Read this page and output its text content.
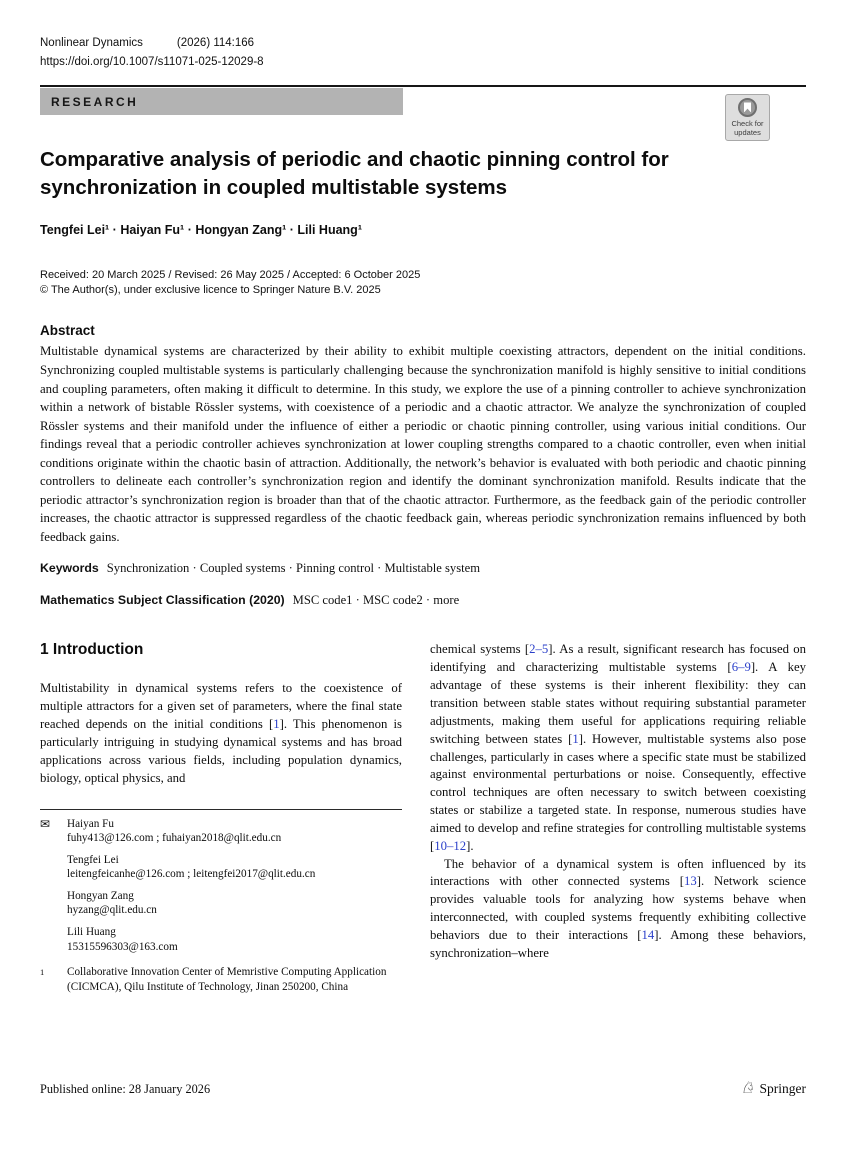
Nonlinear Dynamics	(2026) 114:166
https://doi.org/10.1007/s11071-025-12029-8
RESEARCH
Check for
updates
Comparative analysis of periodic and chaotic pinning control for synchronization in coupled multistable systems
Tengfei Lei¹ · Haiyan Fu¹ · Hongyan Zang¹ · Lili Huang¹
Received: 20 March 2025 / Revised: 26 May 2025 / Accepted: 6 October 2025
© The Author(s), under exclusive licence to Springer Nature B.V. 2025
Abstract

Multistable dynamical systems are characterized by their ability to exhibit multiple coexisting attractors, dependent on the initial conditions. Synchronizing coupled multistable systems is particularly challenging because the synchronization manifold is highly sensitive to initial conditions and coupling parameters, often making it difficult to determine. In this study, we explore the use of a pinning controller to achieve synchronization within a network of bistable Rössler systems, with coexistence of a periodic and a chaotic attractor. We analyze the synchronization of coupled Rössler systems and their manifold under the influence of either a periodic or chaotic pinning controller, using various initial conditions. Our findings reveal that a periodic controller achieves synchronization at lower coupling strengths compared to a chaotic controller, even when initial conditions originate within the chaotic basin of attraction. Additionally, the network’s behavior is evaluated with both periodic and chaotic pinning controllers to delineate each controller’s synchronization region and identify the dominant synchronization manifold. Results indicate that the periodic attractor’s synchronization region is broader than that of the chaotic attractor. Furthermore, as the feedback gain of the periodic controller increases, the chaotic attractor is suppressed regardless of the chaotic feedback gain, whereas periodic synchronization remains influenced by both feedback gains.

Keywords Synchronization · Coupled systems · Pinning control · Multistable system
Mathematics Subject Classification (2020) MSC code1 · MSC code2 · more
1 Introduction

Multistability in dynamical systems refers to the coexistence of multiple attractors for a given set of parameters, where the final state reached depends on the initial conditions [1]. This phenomenon is particularly intriguing in studying dynamical systems and has broad applications across various fields, including population dynamics, biology, optical physics, and

✉	Haiyan Fu
fuhy413@126.com ; fuhaiyan2018@qlit.edu.cn
Tengfei Lei
leitengfeicanhe@126.com ; leitengfei2017@qlit.edu.cn
Hongyan Zang
hyzang@qlit.edu.cn
Lili Huang
15315596303@163.com
$^1$	Collaborative Innovation Center of Memristive Computing Application (CICMCA), Qilu Institute of Technology, Jinan 250200, China

chemical systems [2–5]. As a result, significant research has focused on identifying and characterizing multistable systems [6–9]. A key advantage of these systems is their inherent flexibility: they can transition between stable states without requiring substantial parameter adjustments, making them useful for applications requiring reliable switching between states [1]. However, multistable systems also pose challenges, particularly in cases where a specific state must be stabilized against environmental perturbations or noise. Consequently, effective control techniques are often necessary to switch between coexisting states or stabilize a targeted state. In response, numerous studies have aimed to develop and refine strategies for controlling multistable systems [10–12].

The behavior of a dynamical system is often influenced by its interactions with other connected systems [13]. Network science provides valuable tools for analyzing how systems behave when interconnected, with coupled systems frequently exhibiting collective behaviors due to their interactions [14]. Among these behaviors, synchronization–where

Published online: 28 January 2026	♘ Springer
